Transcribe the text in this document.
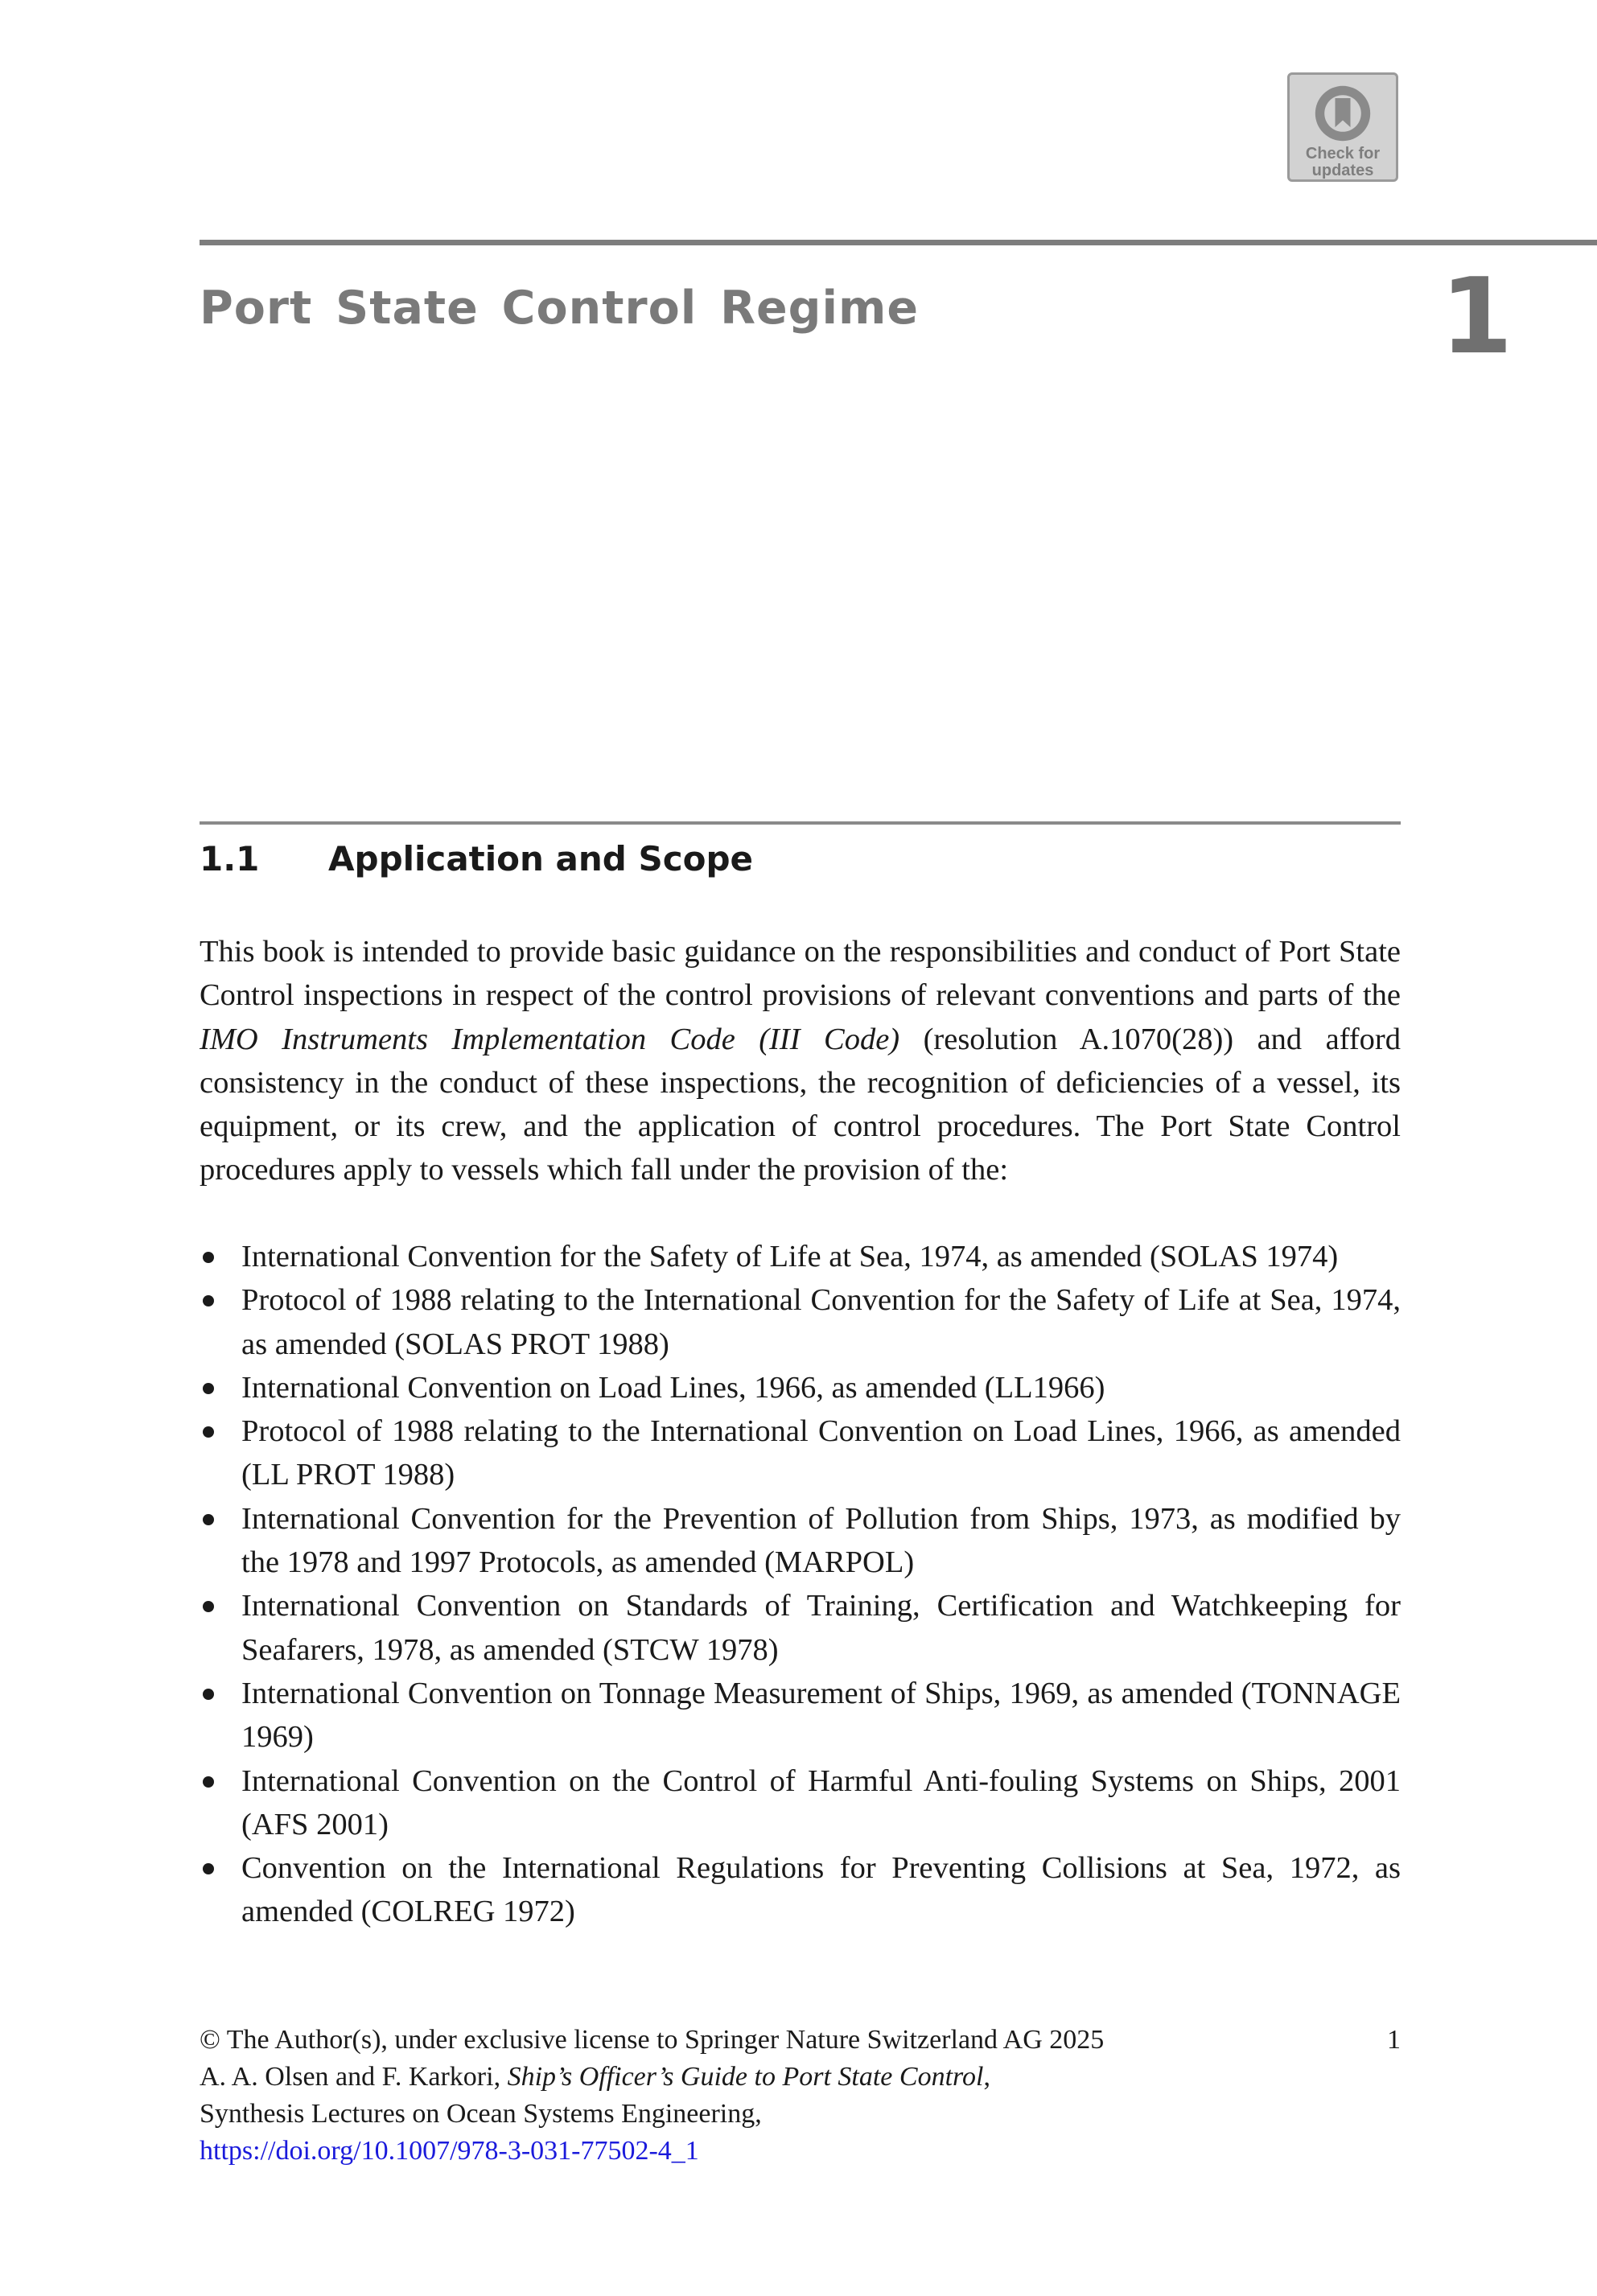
Check for
updates
Port State Control Regime	1
1.1 Application and Scope

This book is intended to provide basic guidance on the responsibilities and conduct of Port State Control inspections in respect of the control provisions of relevant conventions and parts of the IMO Instruments Implementation Code (III Code) (resolution A.1070(28)) and afford consistency in the conduct of these inspections, the recognition of deficiencies of a vessel, its equipment, or its crew, and the application of control procedures. The Port State Control procedures apply to vessels which fall under the provision of the:

International Convention for the Safety of Life at Sea, 1974, as amended (SOLAS 1974)
Protocol of 1988 relating to the International Convention for the Safety of Life at Sea, 1974, as amended (SOLAS PROT 1988)
International Convention on Load Lines, 1966, as amended (LL1966)
Protocol of 1988 relating to the International Convention on Load Lines, 1966, as amended (LL PROT 1988)
International Convention for the Prevention of Pollution from Ships, 1973, as modified by the 1978 and 1997 Protocols, as amended (MARPOL)
International Convention on Standards of Training, Certification and Watchkeeping for Seafarers, 1978, as amended (STCW 1978)
International Convention on Tonnage Measurement of Ships, 1969, as amended (TONNAGE 1969)
International Convention on the Control of Harmful Anti-fouling Systems on Ships, 2001 (AFS 2001)
Convention on the International Regulations for Preventing Collisions at Sea, 1972, as amended (COLREG 1972)
© The Author(s), under exclusive license to Springer Nature Switzerland AG 2025	1
A. A. Olsen and F. Karkori, Ship’s Officer’s Guide to Port State Control,
Synthesis Lectures on Ocean Systems Engineering,
https://doi.org/10.1007/978-3-031-77502-4_1
